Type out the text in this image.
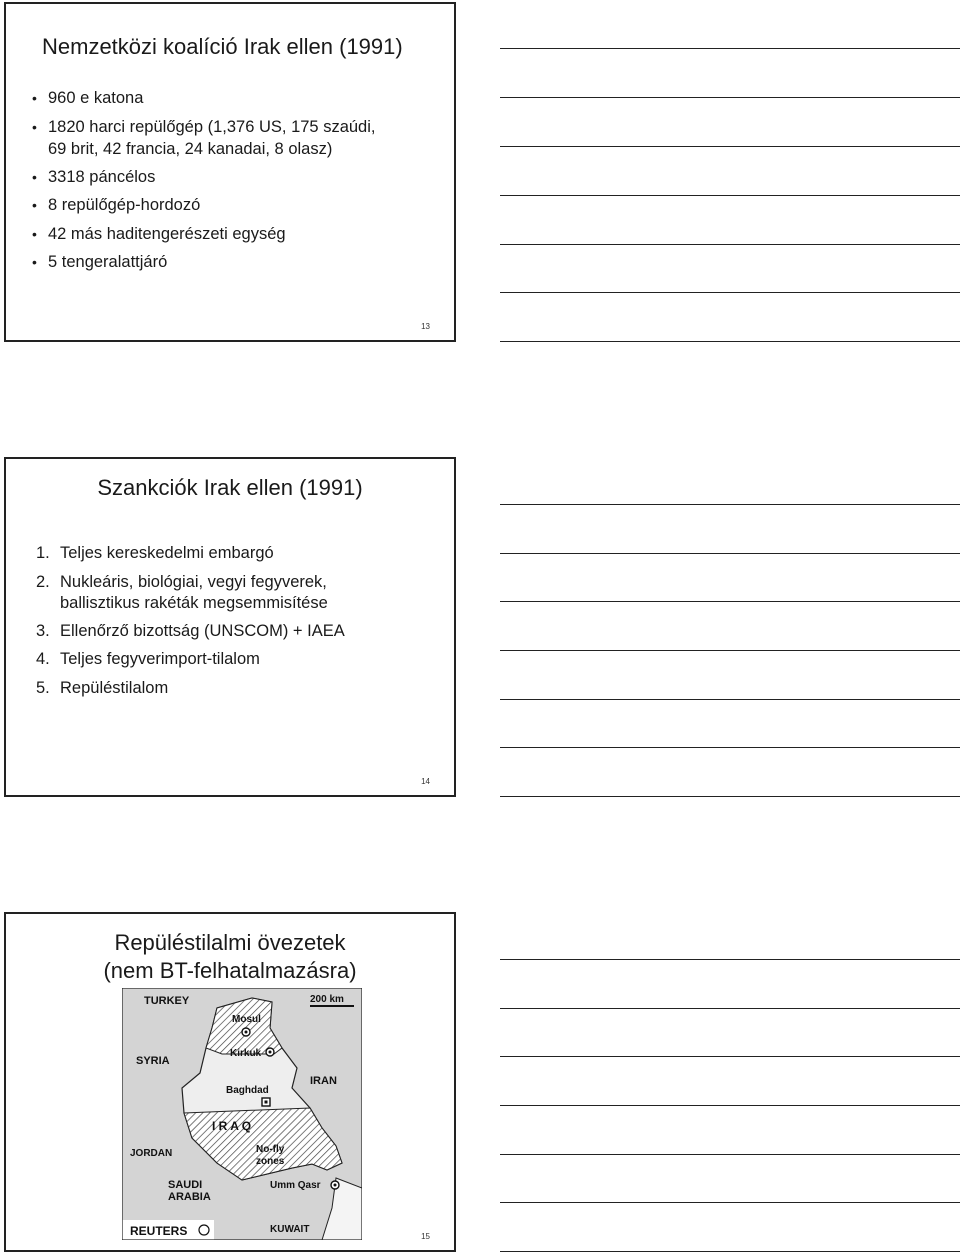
Nemzetközi koalíció Irak ellen (1991)
• 960 e katona
• 1820 harci repülőgép (1,376 US, 175 szaúdi,
69 brit, 42 francia, 24 kanadai, 8 olasz)
• 3318 páncélos
• 8 repülőgép-hordozó
• 42 más haditengerészeti egység
• 5 tengeralattjáró
13
Szankciók Irak ellen (1991)
1. Teljes kereskedelmi embargó
2. Nukleáris, biológiai, vegyi fegyverek,
ballisztikus rakéták megsemmisítése
3. Ellenőrző bizottság (UNSCOM) + IAEA
4. Teljes fegyverimport-tilalom
5. Repüléstilalom
14
Repüléstilalmi övezetek
(nem BT-felhatalmazásra)
TURKEY	200 km
Mosul
SYRIA
Kirkuk
IRAN
Baghdad
I R A Q
JORDAN	No-fly
zones
SAUDI
ARABIA
Umm Qasr
KUWAIT
REUTERS	15
